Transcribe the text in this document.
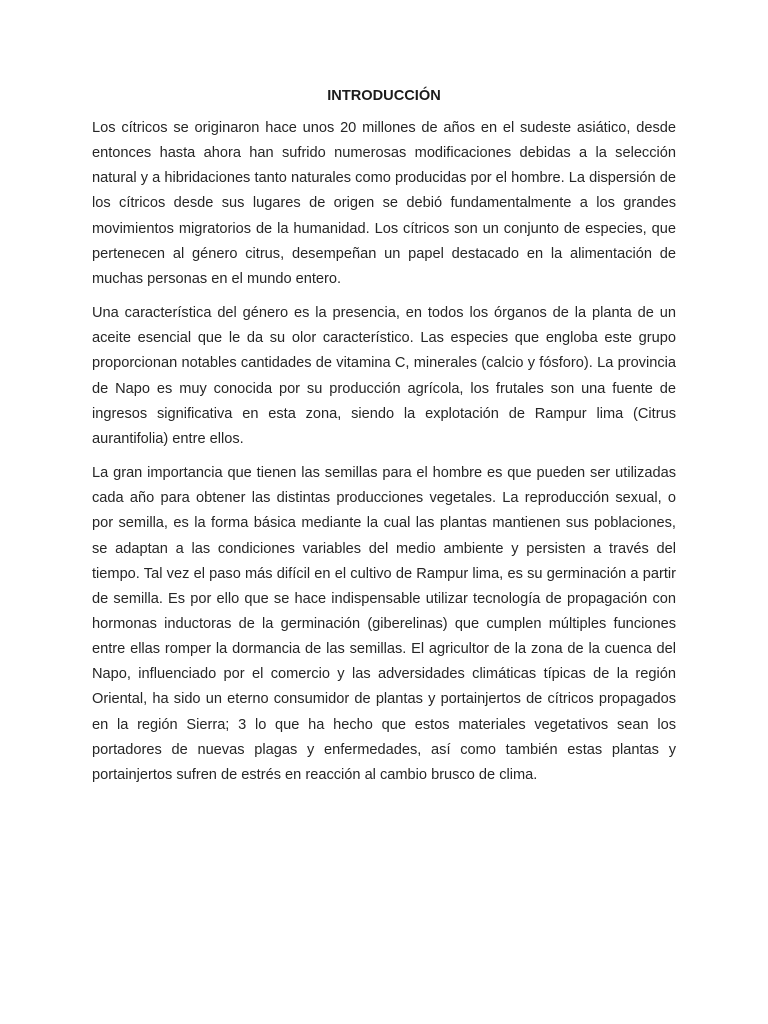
INTRODUCCIÓN

Los cítricos se originaron hace unos 20 millones de años en el sudeste asiático, desde entonces hasta ahora han sufrido numerosas modificaciones debidas a la selección natural y a hibridaciones tanto naturales como producidas por el hombre. La dispersión de los cítricos desde sus lugares de origen se debió fundamentalmente a los grandes movimientos migratorios de la humanidad. Los cítricos son un conjunto de especies, que pertenecen al género citrus, desempeñan un papel destacado en la alimentación de muchas personas en el mundo entero.

Una característica del género es la presencia, en todos los órganos de la planta de un aceite esencial que le da su olor característico. Las especies que engloba este grupo proporcionan notables cantidades de vitamina C, minerales (calcio y fósforo). La provincia de Napo es muy conocida por su producción agrícola, los frutales son una fuente de ingresos significativa en esta zona, siendo la explotación de Rampur lima (Citrus aurantifolia) entre ellos.

La gran importancia que tienen las semillas para el hombre es que pueden ser utilizadas cada año para obtener las distintas producciones vegetales. La reproducción sexual, o por semilla, es la forma básica mediante la cual las plantas mantienen sus poblaciones, se adaptan a las condiciones variables del medio ambiente y persisten a través del tiempo. Tal vez el paso más difícil en el cultivo de Rampur lima, es su germinación a partir de semilla. Es por ello que se hace indispensable utilizar tecnología de propagación con hormonas inductoras de la germinación (giberelinas) que cumplen múltiples funciones entre ellas romper la dormancia de las semillas. El agricultor de la zona de la cuenca del Napo, influenciado por el comercio y las adversidades climáticas típicas de la región Oriental, ha sido un eterno consumidor de plantas y portainjertos de cítricos propagados en la región Sierra; 3 lo que ha hecho que estos materiales vegetativos sean los portadores de nuevas plagas y enfermedades, así como también estas plantas y portainjertos sufren de estrés en reacción al cambio brusco de clima.
